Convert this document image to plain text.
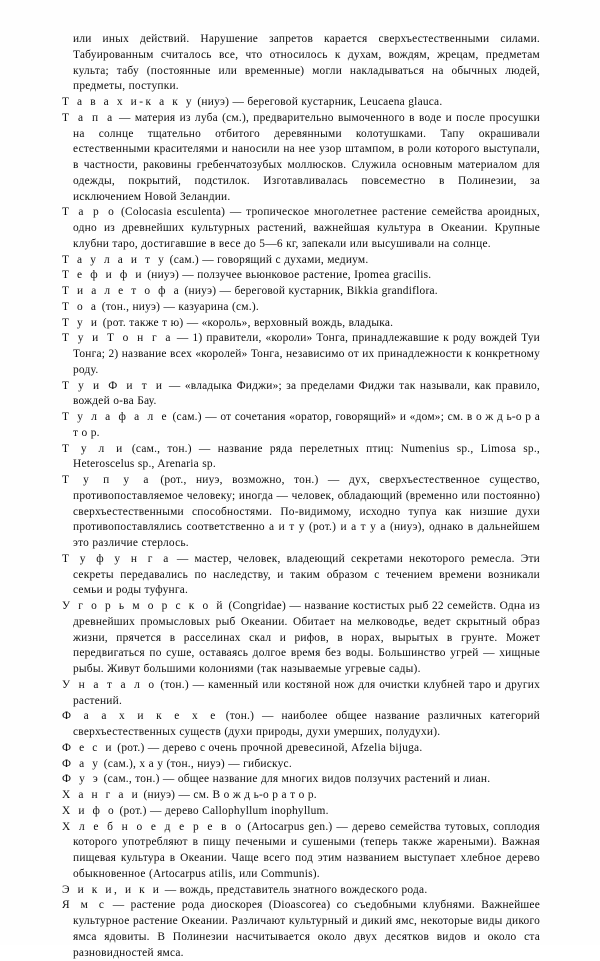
или иных действий. Нарушение запретов карается сверхъестественными силами. Табуированным считалось все, что относилось к духам, вождям, жрецам, предметам культа; табу (постоянные или временные) могли накладываться на обычных людей, предметы, поступки.

Т а в а х и-к а к у (ниуэ) — береговой кустарник, Leucaena glauca.

Т а п а — материя из луба (см.), предварительно вымоченного в воде и после просушки на солнце тщательно отбитого деревянными колотушками. Тапу окрашивали естественными красителями и наносили на нее узор штампом, в роли которого выступали, в частности, раковины гребенчатозубых моллюсков. Служила основным материалом для одежды, покрытий, подстилок. Изготавливалась повсеместно в Полинезии, за исключением Новой Зеландии.

Т а р о (Colocasia esculenta) — тропическое многолетнее растение семейства ароидных, одно из древнейших культурных растений, важнейшая культура в Океании. Крупные клубни таро, достигавшие в весе до 5—6 кг, запекали или высушивали на солнце.

Т а у л а и т у (сам.) — говорящий с духами, медиум.

Т е ф и ф и (ниуэ) — ползучее вьюнковое растение, Ipomea gracilis.

Т и а л е т о ф а (ниуэ) — береговой кустарник, Bikkia grandiflora.

Т о а (тон., ниуэ) — казуарина (см.).

Т у и (рот. также т ю) — «король», верховный вождь, владыка.

Т у и Т о н г а — 1) правители, «короли» Тонга, принадлежавшие к роду вождей Туи Тонга; 2) название всех «королей» Тонга, независимо от их принадлежности к конкретному роду.

Т у и Ф и т и — «владыка Фиджи»; за пределами Фиджи так называли, как правило, вождей о-ва Бау.

Т у л а ф а л е (сам.) — от сочетания «оратор, говорящий» и «дом»; см. в о ж д ь-о р а т о р.

Т у л и (сам., тон.) — название ряда перелетных птиц: Numenius sp., Limosa sp., Heteroscelus sp., Arenaria sp.

Т у п у а (рот., ниуэ, возможно, тон.) — дух, сверхъестественное существо, противопоставляемое человеку; иногда — человек, обладающий (временно или постоянно) сверхъестественными способностями. По-видимому, исходно тупуа как низшие духи противопоставлялись соответственно а и т у (рот.) и а т у а (ниуэ), однако в дальнейшем это различие стерлось.

Т у ф у н г а — мастер, человек, владеющий секретами некоторого ремесла. Эти секреты передавались по наследству, и таким образом с течением времени возникали семьи и роды туфунга.

У г о р ь м о р с к о й (Congridae) — название костистых рыб 22 семейств. Одна из древнейших промысловых рыб Океании. Обитает на мелководье, ведет скрытный образ жизни, прячется в расселинах скал и рифов, в норах, вырытых в грунте. Может передвигаться по суше, оставаясь долгое время без воды. Большинство угрей — хищные рыбы. Живут большими колониями (так называемые угревые сады).

У н а т а л о (тон.) — каменный или костяной нож для очистки клубней таро и других растений.

Ф а а х и к е х е (тон.) — наиболее общее название различных категорий сверхъестественных существ (духи природы, духи умерших, полудухи).

Ф е с и (рот.) — дерево с очень прочной древесиной, Afzelia bijuga.

Ф а у (сам.), х а у (тон., ниуэ) — гибискус.

Ф у э (сам., тон.) — общее название для многих видов ползучих растений и лиан.

Х а н г а и (ниуэ) — см. В о ж д ь-о р а т о р.

Х и ф о (рот.) — дерево Callophyllum inophyllum.

Х л е б н о е д е р е в о (Artocarpus gen.) — дерево семейства тутовых, соплодия которого употребляют в пищу печеными и сушеными (теперь также жареными). Важная пищевая культура в Океании. Чаще всего под этим названием выступает хлебное дерево обыкновенное (Artocarpus atilis, или Communis).

Э и к и, и к и — вождь, представитель знатного вождеского рода.

Я м с — растение рода диоскорея (Dioascorea) со съедобными клубнями. Важнейшее культурное растение Океании. Различают культурный и дикий ямс, некоторые виды дикого ямса ядовиты. В Полинезии насчитывается около двух десятков видов и около ста разновидностей ямса.
